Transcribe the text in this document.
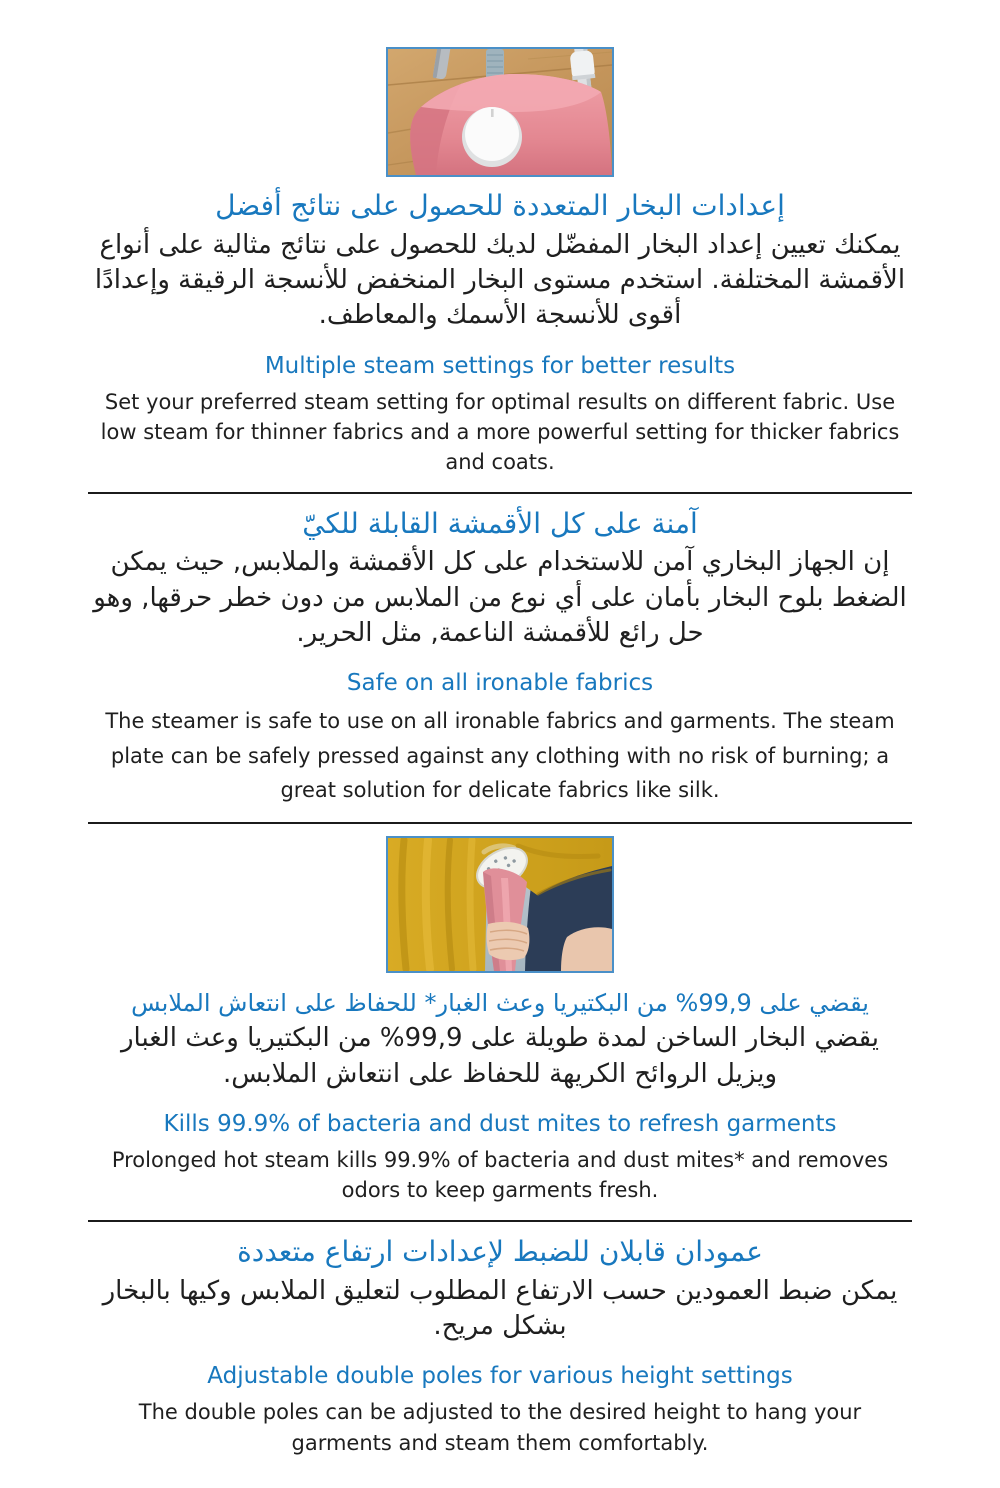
إعدادات البخار المتعددة للحصول على نتائج أفضل

يمكنك تعيين إعداد البخار المفضّل لديك للحصول على نتائج مثالية على أنواع الأقمشة المختلفة. استخدم مستوى البخار المنخفض للأنسجة الرقيقة وإعدادًا أقوى للأنسجة الأسمك والمعاطف.

Multiple steam settings for better results

Set your preferred steam setting for optimal results on different fabric. Use low steam for thinner fabrics and a more powerful setting for thicker fabrics and coats.

آمنة على كل الأقمشة القابلة للكيّ

إن الجهاز البخاري آمن للاستخدام على كل الأقمشة والملابس, حيث يمكن الضغط بلوح البخار بأمان على أي نوع من الملابس من دون خطر حرقها, وهو حل رائع للأقمشة الناعمة, مثل الحرير.

Safe on all ironable fabrics

The steamer is safe to use on all ironable fabrics and garments. The steam plate can be safely pressed against any clothing with no risk of burning; a great solution for delicate fabrics like silk.

يقضي على 99,9% من البكتيريا وعث الغبار* للحفاظ على انتعاش الملابس

يقضي البخار الساخن لمدة طويلة على 99,9% من البكتيريا وعث الغبار ويزيل الروائح الكريهة للحفاظ على انتعاش الملابس.

Kills 99.9% of bacteria and dust mites to refresh garments

Prolonged hot steam kills 99.9% of bacteria and dust mites* and removes odors to keep garments fresh.

عمودان قابلان للضبط لإعدادات ارتفاع متعددة

يمكن ضبط العمودين حسب الارتفاع المطلوب لتعليق الملابس وكيها بالبخار بشكل مريح.

Adjustable double poles for various height settings

The double poles can be adjusted to the desired height to hang your garments and steam them comfortably.
